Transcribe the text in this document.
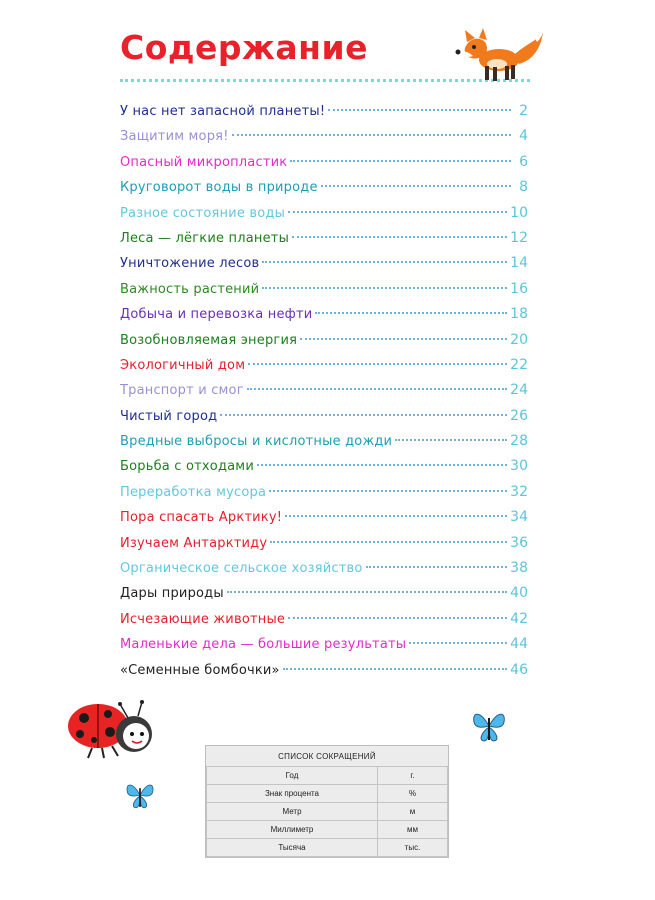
Содержание
У нас нет запасной планеты!	2
Защитим моря!	4
Опасный микропластик	6
Круговорот воды в природе	8
Разное состояние воды	10
Леса — лёгкие планеты	12
Уничтожение лесов	14
Важность растений	16
Добыча и перевозка нефти	18
Возобновляемая энергия	20
Экологичный дом	22
Транспорт и смог	24
Чистый город	26
Вредные выбросы и кислотные дожди	28
Борьба с отходами	30
Переработка мусора	32
Пора спасать Арктику!	34
Изучаем Антарктиду	36
Органическое сельское хозяйство	38
Дары природы	40
Исчезающие животные	42
Маленькие дела — большие результаты	44
«Семенные бомбочки»	46
СПИСОК СОКРАЩЕНИЙ
Год	г.
Знак процента	%
Метр	м
Миллиметр	мм
Тысяча	тыс.
